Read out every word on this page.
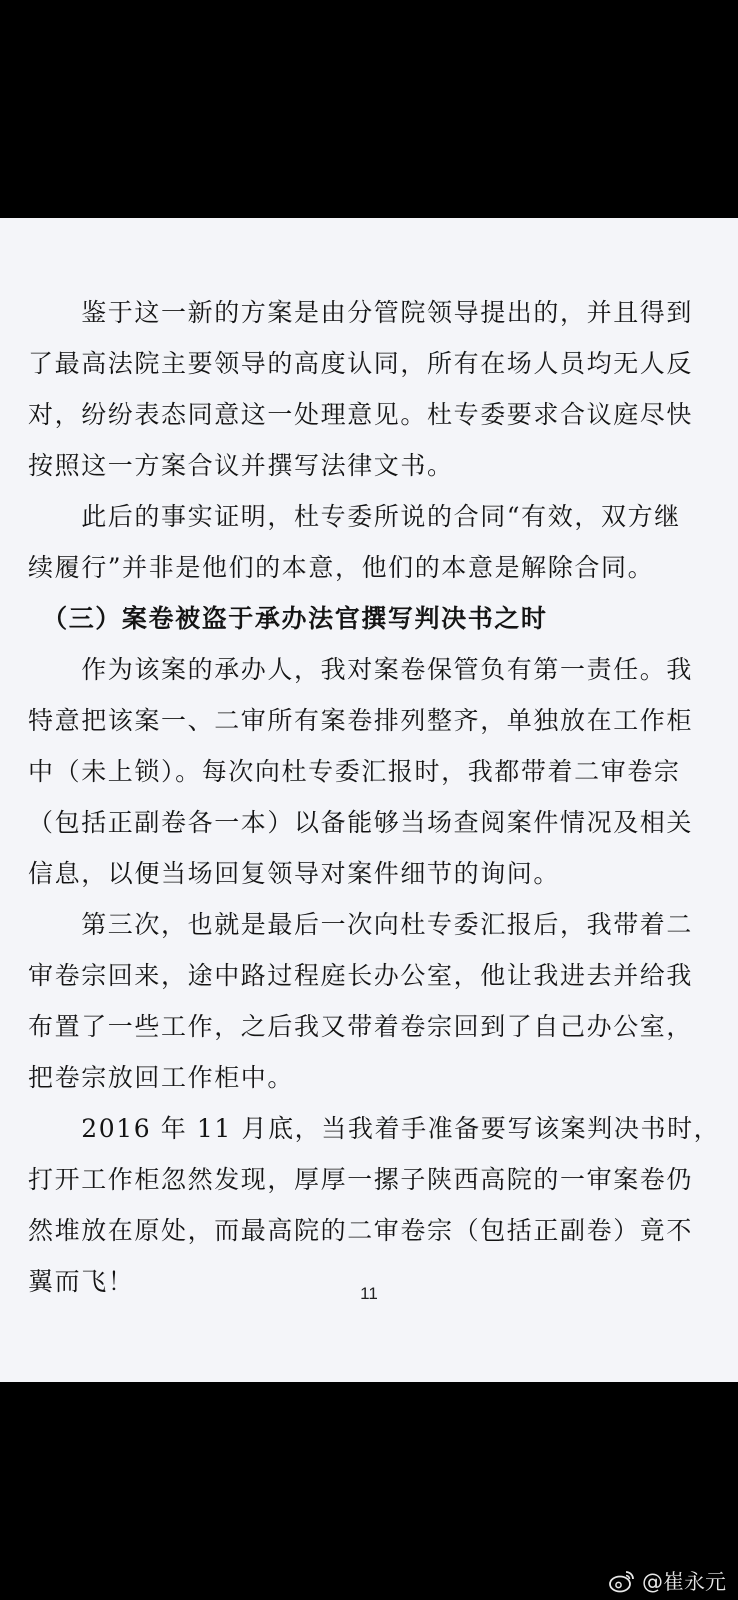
　　鉴于这一新的方案是由分管院领导提出的，并且得到
了最高法院主要领导的高度认同，所有在场人员均无人反
对，纷纷表态同意这一处理意见。杜专委要求合议庭尽快
按照这一方案合议并撰写法律文书。
　　此后的事实证明，杜专委所说的合同“有效，双方继
续履行”并非是他们的本意，他们的本意是解除合同。
　（三）案卷被盗于承办法官撰写判决书之时
　　作为该案的承办人，我对案卷保管负有第一责任。我
特意把该案一、二审所有案卷排列整齐，单独放在工作柜
中（未上锁）。每次向杜专委汇报时，我都带着二审卷宗
（包括正副卷各一本）以备能够当场查阅案件情况及相关
信息，以便当场回复领导对案件细节的询问。
　　第三次，也就是最后一次向杜专委汇报后，我带着二
审卷宗回来，途中路过程庭长办公室，他让我进去并给我
布置了一些工作，之后我又带着卷宗回到了自己办公室，
把卷宗放回工作柜中。
　　2016 年 11 月底，当我着手准备要写该案判决书时，
打开工作柜忽然发现，厚厚一摞子陕西高院的一审案卷仍
然堆放在原处，而最高院的二审卷宗（包括正副卷）竟不
翼而飞！	11
@崔永元
